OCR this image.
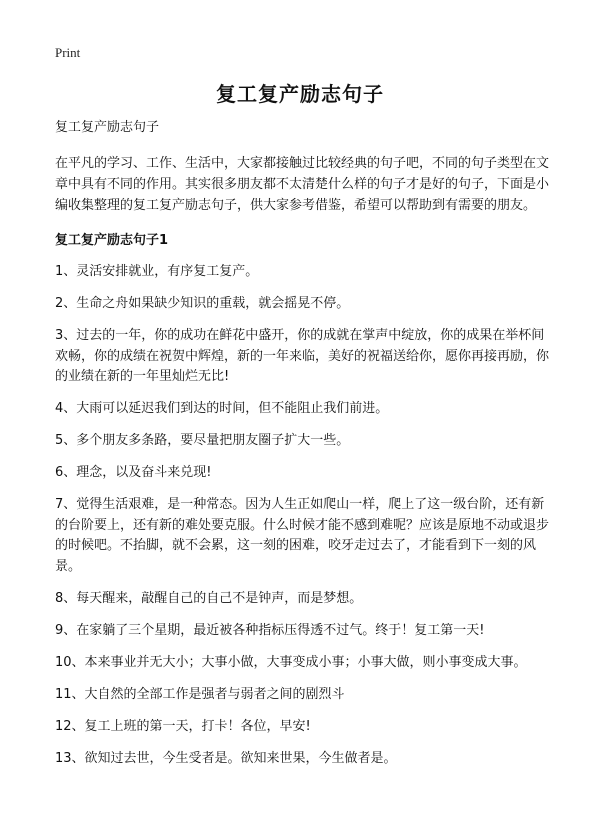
Print
复工复产励志句子

复工复产励志句子

在平凡的学习、工作、生活中，大家都接触过比较经典的句子吧，不同的句子类型在文章中具有不同的作用。其实很多朋友都不太清楚什么样的句子才是好的句子，下面是小编收集整理的复工复产励志句子，供大家参考借鉴，希望可以帮助到有需要的朋友。

复工复产励志句子1

1、灵活安排就业，有序复工复产。

2、生命之舟如果缺少知识的重载，就会摇晃不停。

3、过去的一年，你的成功在鲜花中盛开，你的成就在掌声中绽放，你的成果在举杯间欢畅，你的成绩在祝贺中辉煌，新的一年来临，美好的祝福送给你，愿你再接再励，你的业绩在新的一年里灿烂无比!

4、大雨可以延迟我们到达的时间，但不能阻止我们前进。

5、多个朋友多条路，要尽量把朋友圈子扩大一些。

6、理念，以及奋斗来兑现!

7、觉得生活艰难，是一种常态。因为人生正如爬山一样，爬上了这一级台阶，还有新的台阶要上，还有新的难处要克服。什么时候才能不感到难呢？应该是原地不动或退步的时候吧。不抬脚，就不会累，这一刻的困难，咬牙走过去了，才能看到下一刻的风景。

8、每天醒来，敲醒自己的自己不是钟声，而是梦想。

9、在家躺了三个星期，最近被各种指标压得透不过气。终于！复工第一天!

10、本来事业并无大小；大事小做，大事变成小事；小事大做，则小事变成大事。

11、大自然的全部工作是强者与弱者之间的剧烈斗

12、复工上班的第一天，打卡！各位，早安!

13、欲知过去世，今生受者是。欲知来世果，今生做者是。
